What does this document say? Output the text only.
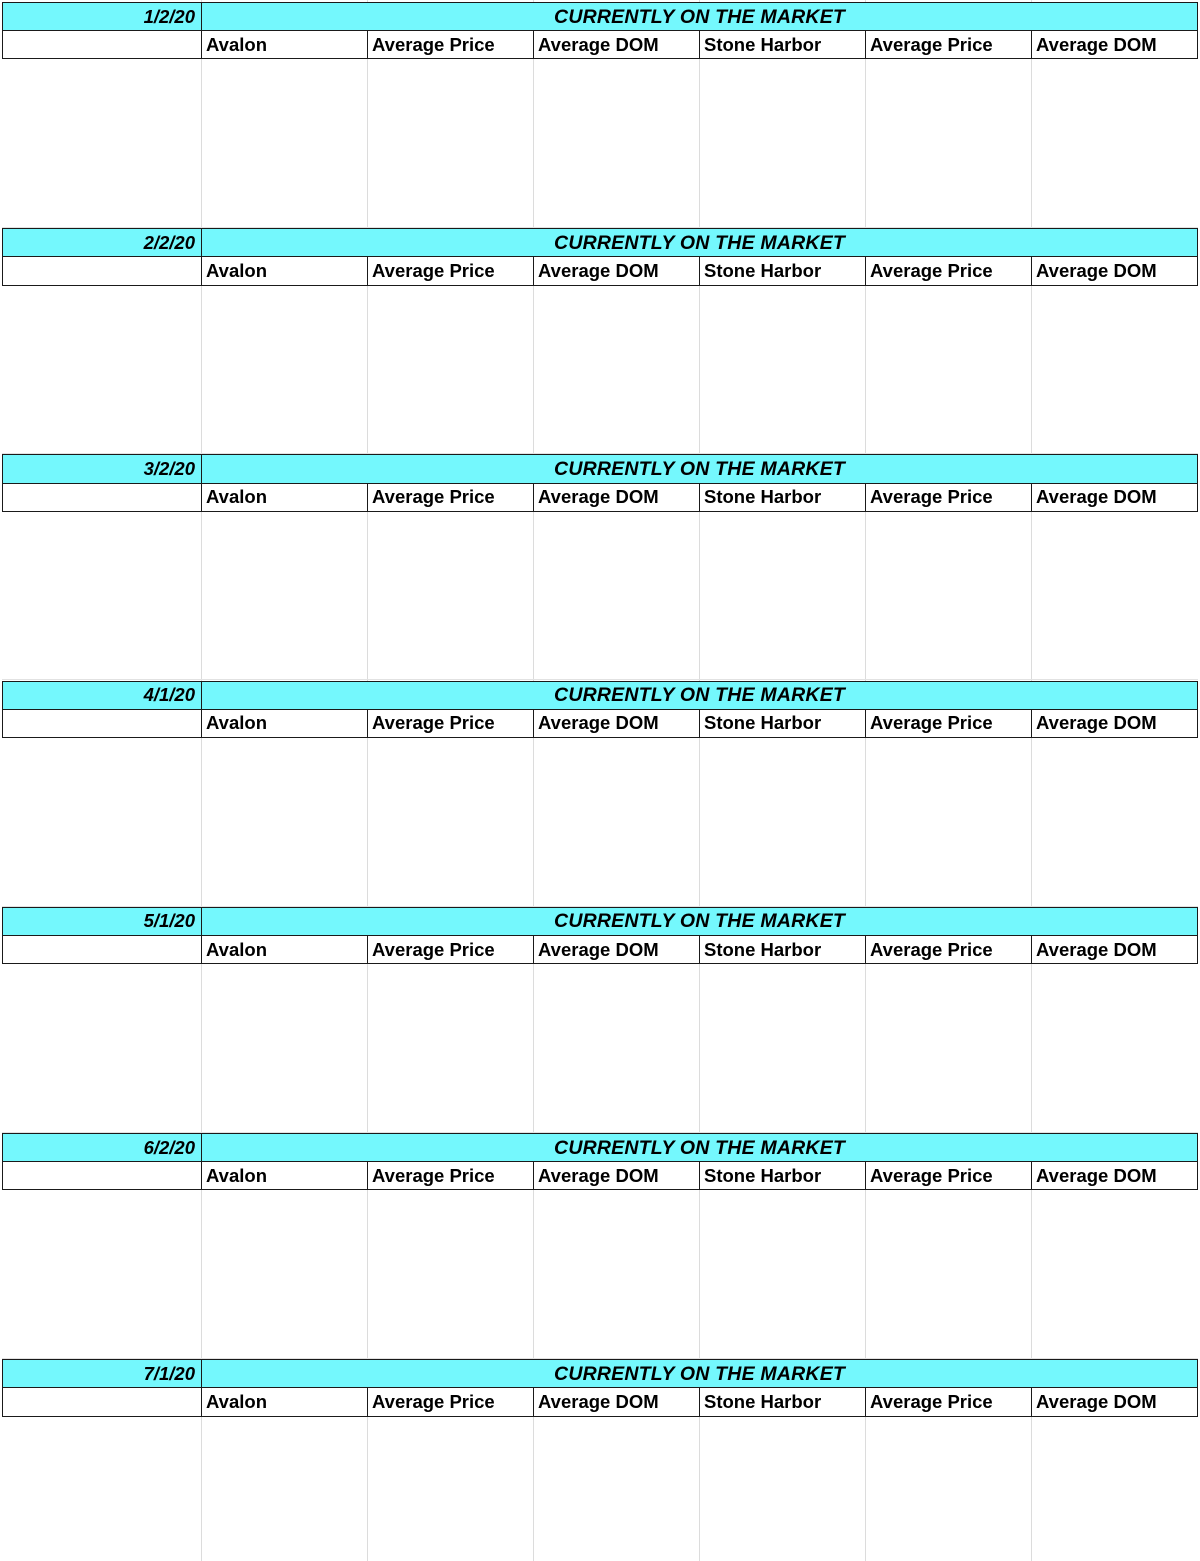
1/2/20	CURRENTLY ON THE MARKET					
	Avalon	Average Price	Average DOM	Stone Harbor	Average Price	Average DOM
2/2/20	CURRENTLY ON THE MARKET					
	Avalon	Average Price	Average DOM	Stone Harbor	Average Price	Average DOM
3/2/20	CURRENTLY ON THE MARKET					
	Avalon	Average Price	Average DOM	Stone Harbor	Average Price	Average DOM
4/1/20	CURRENTLY ON THE MARKET					
	Avalon	Average Price	Average DOM	Stone Harbor	Average Price	Average DOM
5/1/20	CURRENTLY ON THE MARKET					
	Avalon	Average Price	Average DOM	Stone Harbor	Average Price	Average DOM
6/2/20	CURRENTLY ON THE MARKET					
	Avalon	Average Price	Average DOM	Stone Harbor	Average Price	Average DOM
7/1/20	CURRENTLY ON THE MARKET					
	Avalon	Average Price	Average DOM	Stone Harbor	Average Price	Average DOM
